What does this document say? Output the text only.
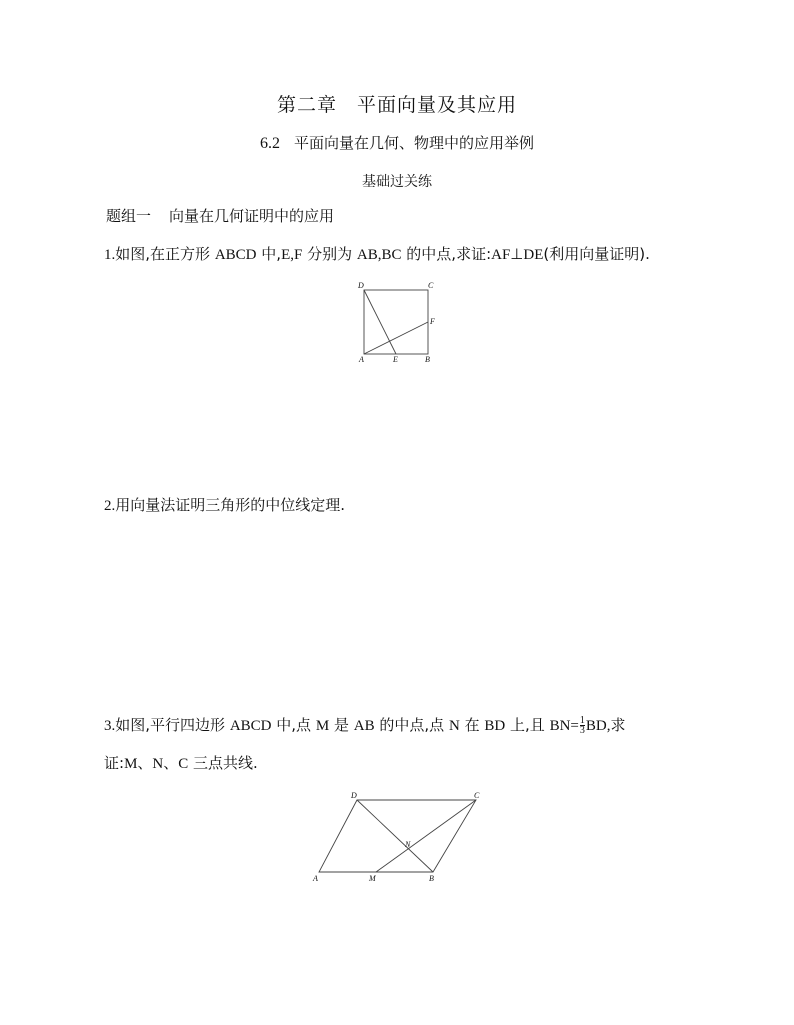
第二章　平面向量及其应用
6.2 平面向量在几何、物理中的应用举例
基础过关练
题组一 向量在几何证明中的应用
1.如图,在正方形 ABCD 中,E,F 分别为 AB,BC 的中点,求证:AF⊥DE(利用向量证明).
D	C
F
A	E	B
2.用向量法证明三角形的中位线定理.
3.如图,平行四边形 ABCD 中,点 M 是 AB 的中点,点 N 在 BD 上,且 $BN= \frac{1}{3}$ BD,求
证:M、N、C 三点共线.
D	C
N
A	M	B
